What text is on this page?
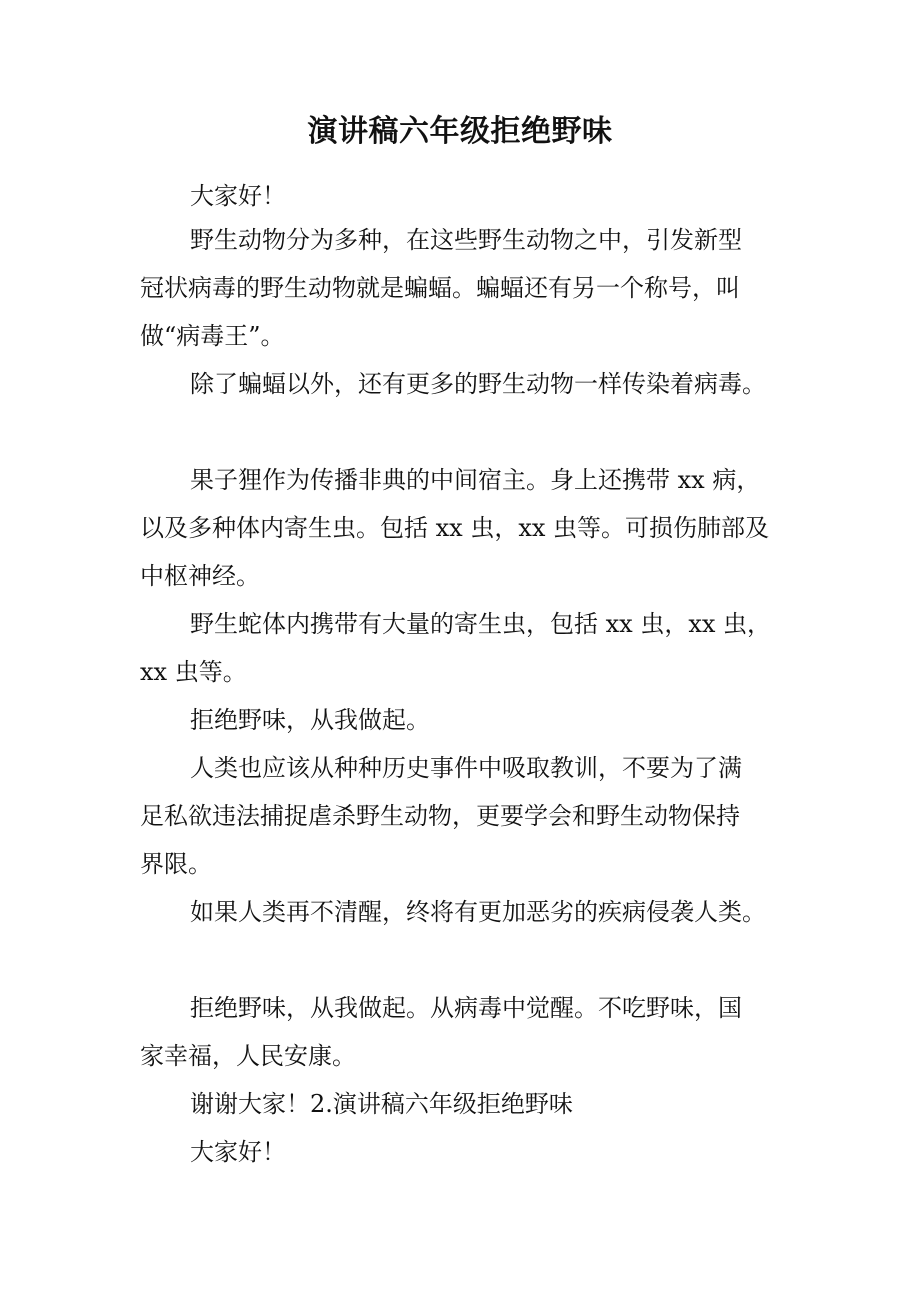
演讲稿六年级拒绝野味
大家好！
野生动物分为多种，在这些野生动物之中，引发新型
冠状病毒的野生动物就是蝙蝠。蝙蝠还有另一个称号，叫
做“病毒王”。
除了蝙蝠以外，还有更多的野生动物一样传染着病毒。
果子狸作为传播非典的中间宿主。身上还携带 xx 病，
以及多种体内寄生虫。包括 xx 虫，xx 虫等。可损伤肺部及
中枢神经。
野生蛇体内携带有大量的寄生虫，包括 xx 虫，xx 虫，
xx 虫等。
拒绝野味，从我做起。
人类也应该从种种历史事件中吸取教训，不要为了满
足私欲违法捕捉虐杀野生动物，更要学会和野生动物保持
界限。
如果人类再不清醒，终将有更加恶劣的疾病侵袭人类。
拒绝野味，从我做起。从病毒中觉醒。不吃野味，国
家幸福，人民安康。
谢谢大家！2.演讲稿六年级拒绝野味
大家好！
